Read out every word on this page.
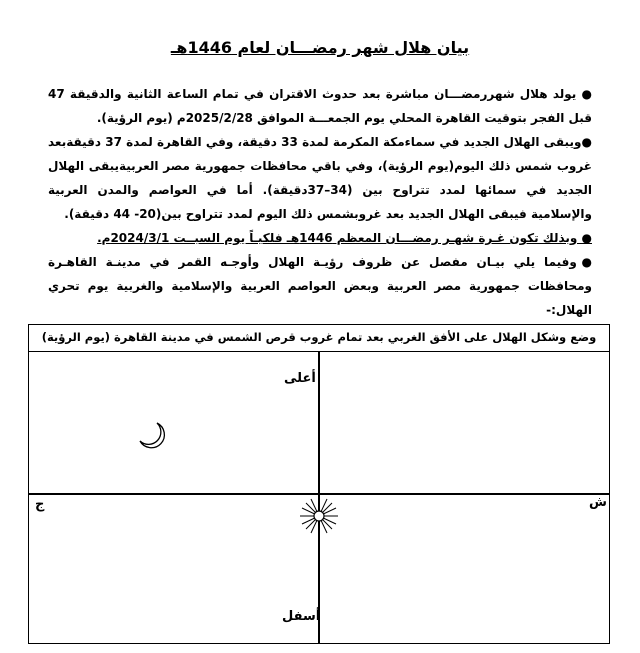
بيان هلال شهر رمضـــان لعام 1446هـ

● يولد هلال شهررمضـــان مباشرة بعد حدوث الاقتران في تمام الساعة الثانية والدقيقة 47 قبل الفجر بتوقيت القاهرة المحلي يوم الجمعـــة الموافق 2025/2/28م (يوم الرؤية).

●ويبقى الهلال الجديد في سماءمكة المكرمة لمدة 33 دقيقة، وفي القاهرة لمدة 37 دقيقةبعد غروب شمس ذلك اليوم(يوم الرؤية)، وفي باقي محافظات جمهورية مصر العربيةيبقى الهلال الجديد في سمائها لمدد تتراوح بين (34–37دقيقة). أما في العواصم والمدن العربية والإسلامية فيبقى الهلال الجديد بعد غروبشمس ذلك اليوم لمدد تتراوح بين(20- 44 دقيقة).

● وبذلك تكون غـرة شهـر رمضـــان المعظم 1446هـ فلكيـاً يوم السبــت 2024/3/1م.

●وفيما يلي بيـان مفصل عن ظروف رؤيـة الهلال وأوجـه القمر في مدينـة القاهـرة ومحافظات جمهورية مصر العربية وبعض العواصم العربية والإسلامية والغربية يوم تحري الهلال:-

وضع وشكل الهلال على الأفق الغربي بعد تمام غروب قرص الشمس في مدينة القاهرة (يوم الرؤية)
أعلى
أسفل
ج	ش
